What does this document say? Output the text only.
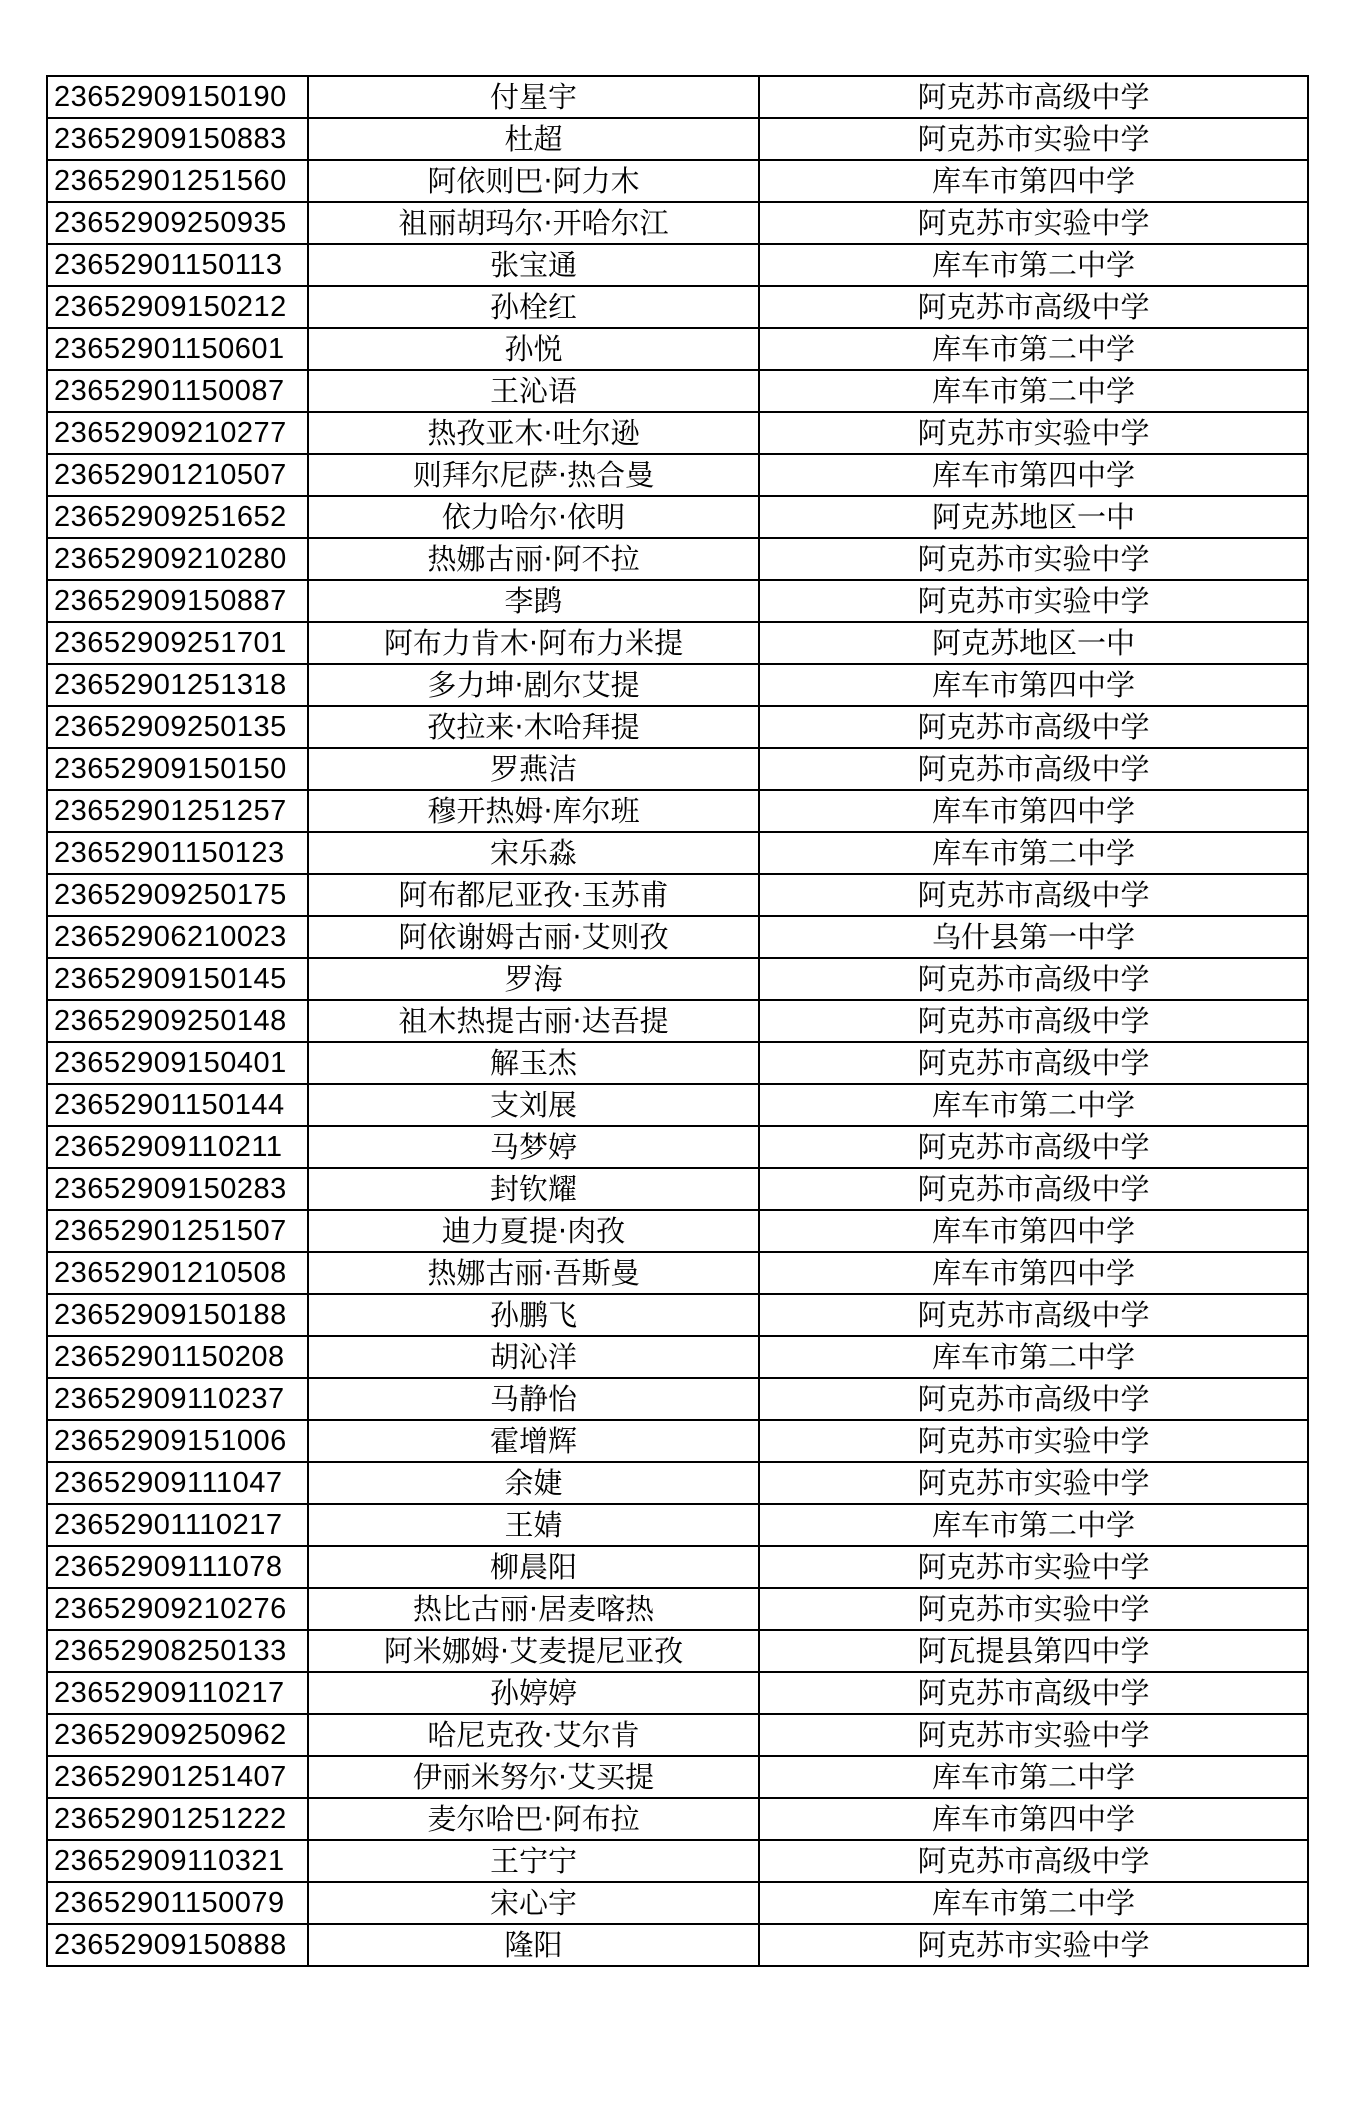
23652909150190	付星宇	阿克苏市高级中学
23652909150883	杜超	阿克苏市实验中学
23652901251560	阿依则巴·阿力木	库车市第四中学
23652909250935	祖丽胡玛尔·开哈尔江	阿克苏市实验中学
23652901150113	张宝通	库车市第二中学
23652909150212	孙栓红	阿克苏市高级中学
23652901150601	孙悦	库车市第二中学
23652901150087	王沁语	库车市第二中学
23652909210277	热孜亚木·吐尔逊	阿克苏市实验中学
23652901210507	则拜尔尼萨·热合曼	库车市第四中学
23652909251652	依力哈尔·依明	阿克苏地区一中
23652909210280	热娜古丽·阿不拉	阿克苏市实验中学
23652909150887	李鹍	阿克苏市实验中学
23652909251701	阿布力肯木·阿布力米提	阿克苏地区一中
23652901251318	多力坤·剧尔艾提	库车市第四中学
23652909250135	孜拉来·木哈拜提	阿克苏市高级中学
23652909150150	罗燕洁	阿克苏市高级中学
23652901251257	穆开热姆·库尔班	库车市第四中学
23652901150123	宋乐淼	库车市第二中学
23652909250175	阿布都尼亚孜·玉苏甫	阿克苏市高级中学
23652906210023	阿依谢姆古丽·艾则孜	乌什县第一中学
23652909150145	罗海	阿克苏市高级中学
23652909250148	祖木热提古丽·达吾提	阿克苏市高级中学
23652909150401	解玉杰	阿克苏市高级中学
23652901150144	支刘展	库车市第二中学
23652909110211	马梦婷	阿克苏市高级中学
23652909150283	封钦耀	阿克苏市高级中学
23652901251507	迪力夏提·肉孜	库车市第四中学
23652901210508	热娜古丽·吾斯曼	库车市第四中学
23652909150188	孙鹏飞	阿克苏市高级中学
23652901150208	胡沁洋	库车市第二中学
23652909110237	马静怡	阿克苏市高级中学
23652909151006	霍增辉	阿克苏市实验中学
23652909111047	余婕	阿克苏市实验中学
23652901110217	王婧	库车市第二中学
23652909111078	柳晨阳	阿克苏市实验中学
23652909210276	热比古丽·居麦喀热	阿克苏市实验中学
23652908250133	阿米娜姆·艾麦提尼亚孜	阿瓦提县第四中学
23652909110217	孙婷婷	阿克苏市高级中学
23652909250962	哈尼克孜·艾尔肯	阿克苏市实验中学
23652901251407	伊丽米努尔·艾买提	库车市第二中学
23652901251222	麦尔哈巴·阿布拉	库车市第四中学
23652909110321	王宁宁	阿克苏市高级中学
23652901150079	宋心宇	库车市第二中学
23652909150888	隆阳	阿克苏市实验中学
